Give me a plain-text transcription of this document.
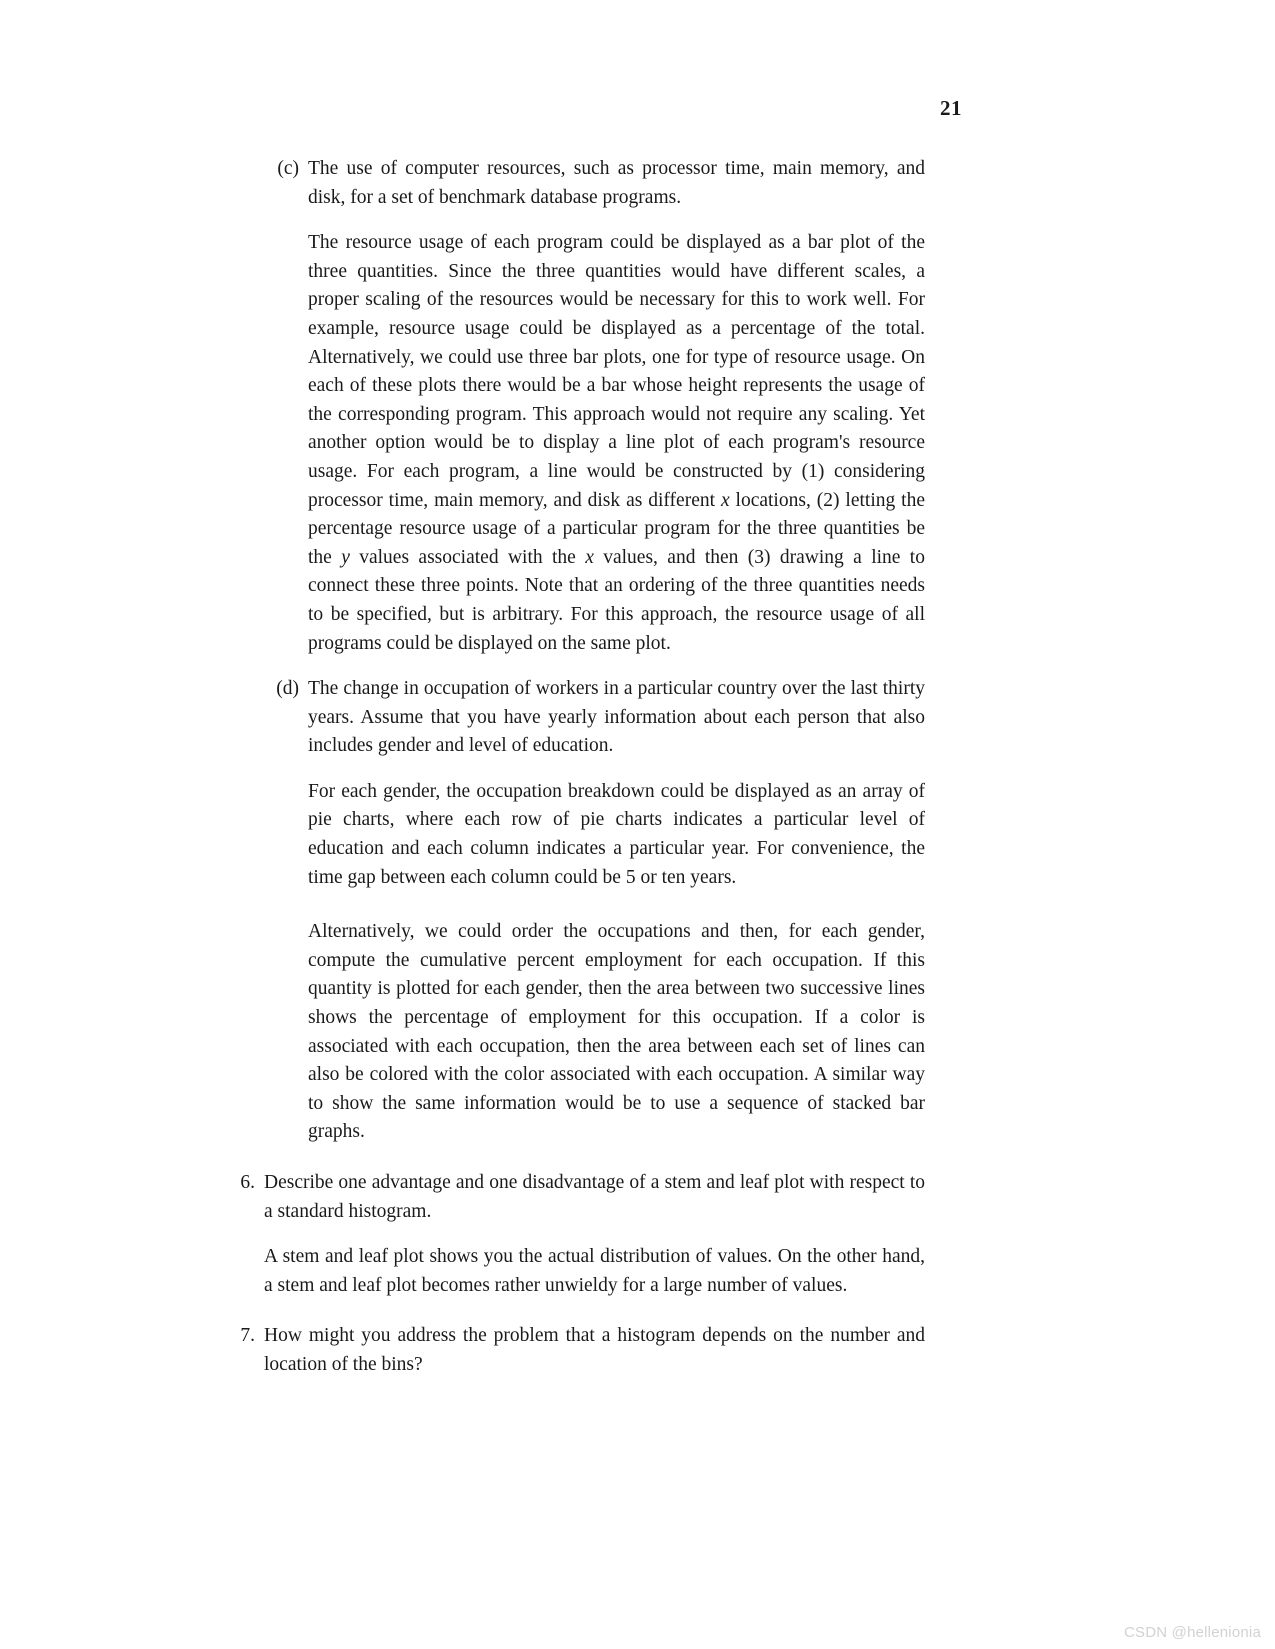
21
(c) The use of computer resources, such as processor time, main memory, and disk, for a set of benchmark database programs.

The resource usage of each program could be displayed as a bar plot of the three quantities. Since the three quantities would have different scales, a proper scaling of the resources would be necessary for this to work well. For example, resource usage could be displayed as a percentage of the total. Alternatively, we could use three bar plots, one for type of resource usage. On each of these plots there would be a bar whose height represents the usage of the corresponding program. This approach would not require any scaling. Yet another option would be to display a line plot of each program's resource usage. For each program, a line would be constructed by (1) considering processor time, main memory, and disk as different x locations, (2) letting the percentage resource usage of a particular program for the three quantities be the y values associated with the x values, and then (3) drawing a line to connect these three points. Note that an ordering of the three quantities needs to be specified, but is arbitrary. For this approach, the resource usage of all programs could be displayed on the same plot.

(d) The change in occupation of workers in a particular country over the last thirty years. Assume that you have yearly information about each person that also includes gender and level of education.

For each gender, the occupation breakdown could be displayed as an array of pie charts, where each row of pie charts indicates a particular level of education and each column indicates a particular year. For convenience, the time gap between each column could be 5 or ten years.

Alternatively, we could order the occupations and then, for each gender, compute the cumulative percent employment for each occupation. If this quantity is plotted for each gender, then the area between two successive lines shows the percentage of employment for this occupation. If a color is associated with each occupation, then the area between each set of lines can also be colored with the color associated with each occupation. A similar way to show the same information would be to use a sequence of stacked bar graphs.

6. Describe one advantage and one disadvantage of a stem and leaf plot with respect to a standard histogram.

A stem and leaf plot shows you the actual distribution of values. On the other hand, a stem and leaf plot becomes rather unwieldy for a large number of values.

7. How might you address the problem that a histogram depends on the number and location of the bins?

CSDN @hellenionia
